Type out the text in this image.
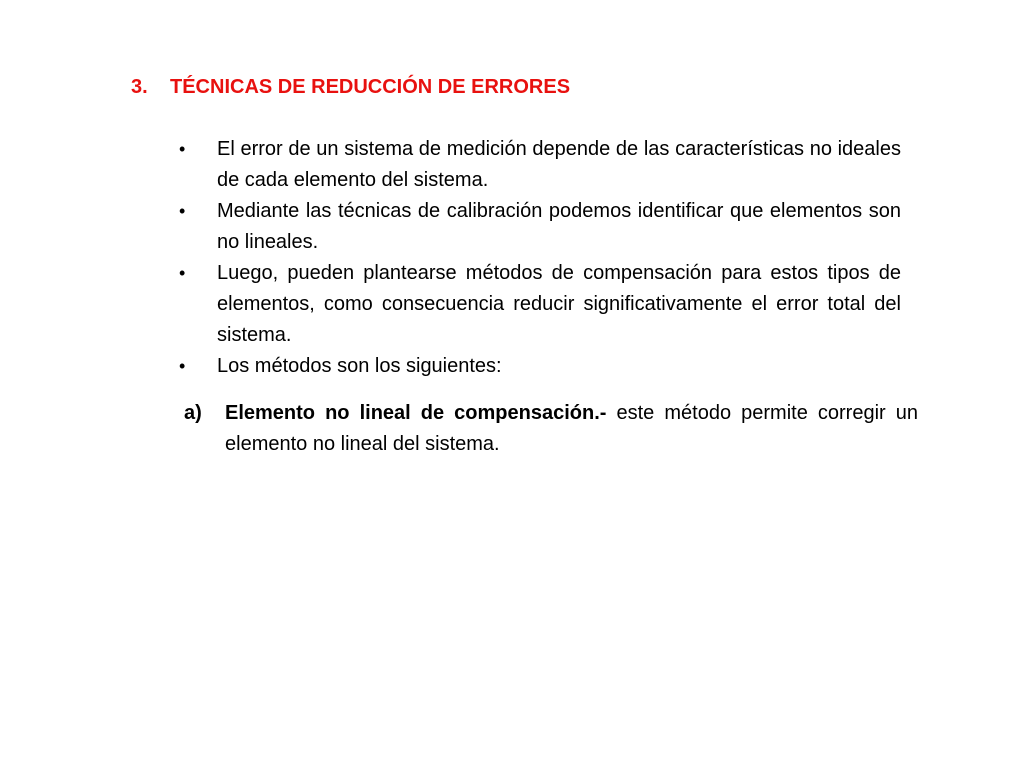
3. TÉCNICAS DE REDUCCIÓN DE ERRORES
• El error de un sistema de medición depende de las características no ideales de cada elemento del sistema.
• Mediante las técnicas de calibración podemos identificar que elementos son no lineales.
• Luego, pueden plantearse métodos de compensación para estos tipos de elementos, como consecuencia reducir significativamente el error total del sistema.
• Los métodos son los siguientes:
a) Elemento no lineal de compensación.- este método permite corregir un elemento no lineal del sistema.
